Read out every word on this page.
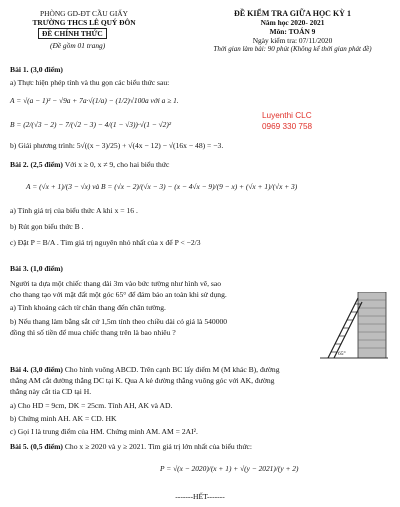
PHÒNG GD-ĐT CẦU GIẤY
TRƯỜNG THCS LÊ QUÝ ĐÔN
ĐỀ CHÍNH THỨC
(Đề gồm 01 trang)
ĐỀ KIỂM TRA GIỮA HỌC KỲ 1
Năm học 2020- 2021
Môn: TOÁN 9
Ngày kiểm tra: 07/11/2020
Thời gian làm bài: 90 phút (Không kể thời gian phát đề)
Luyenthi CLC
0969 330 758
Bài 1. (3,0 điểm)
a) Thực hiện phép tính và thu gọn các biểu thức sau:
A = √(a − 1)² − √9a + 7a·√(1/a) − (1/2)√100a với a ≥ 1.
B = (2/(√3 − 2) − 7/(√2 − 3) − 4/(1 − √3))·√(1 − √2)²
b) Giải phương trình: 5√((x − 3)/25) + √(4x − 12) − √(16x − 48) = −3.
Bài 2. (2,5 điểm) Với x ≥ 0, x ≠ 9, cho hai biểu thức
A = (√x + 1)/(3 − √x) và B = (√x − 2)/(√x − 3) − (x − 4√x − 9)/(9 − x) + (√x + 1)/(√x + 3)
a) Tính giá trị của biểu thức A khi x = 16 .
b) Rút gọn biểu thức B .
c) Đặt P = B/A . Tìm giá trị nguyên nhỏ nhất của x để P < −2/3
Bài 3. (1,0 điểm)
Người ta dựa một chiếc thang dài 3m vào bức tường như hình vẽ, sao
cho thang tạo với mặt đất một góc 65° để đảm bảo an toàn khi sử dụng.
a) Tính khoảng cách từ chân thang đến chân tường.
b) Nếu thang làm bằng sắt cứ 1,5m tính theo chiều dài có giá là 540000
đồng thì số tiền để mua chiếc thang trên là bao nhiêu ?
65°
Bài 4. (3,0 điểm) Cho hình vuông ABCD. Trên cạnh BC lấy điểm M (M khác B), đường
thẳng AM cắt đường thẳng DC tại K. Qua A kẻ đường thẳng vuông góc với AK, đường
thẳng này cắt tia CD tại H.
a) Cho HD = 9cm, DK = 25cm. Tính AH, AK và AD.
b) Chứng minh AH. AK = CD. HK
c) Gọi I là trung điểm của HM. Chứng minh AM. AM = 2AI².
Bài 5. (0,5 điểm) Cho x ≥ 2020 và y ≥ 2021. Tìm giá trị lớn nhất của biểu thức:
P = √(x − 2020)/(x + 1) + √(y − 2021)/(y + 2)
-------HẾT-------
